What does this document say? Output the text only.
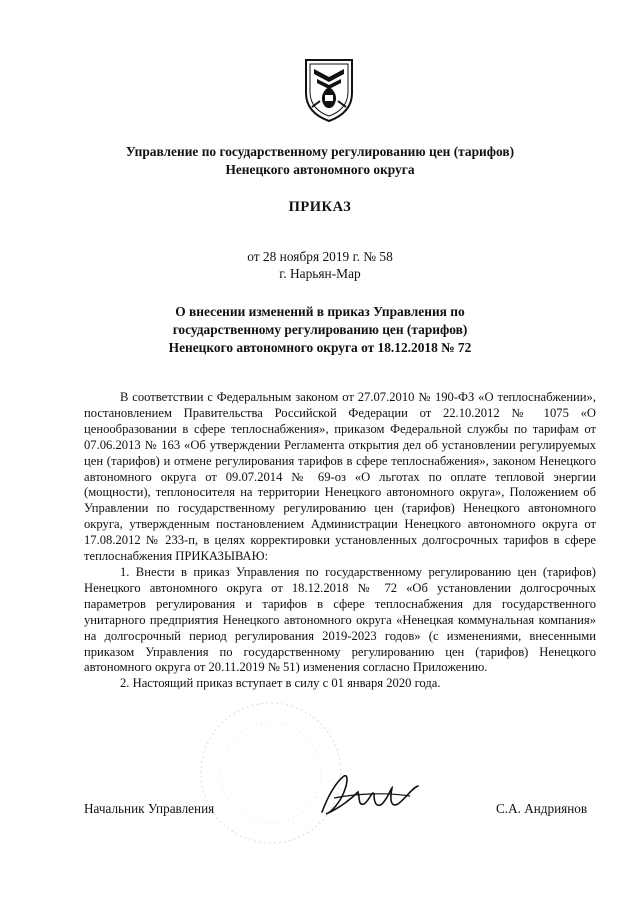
Управление по государственному регулированию цен (тарифов)
Ненецкого автономного округа
ПРИКАЗ
от 28 ноября 2019 г. № 58
г. Нарьян-Мар
О внесении изменений в приказ Управления по
государственному регулированию цен (тарифов)
Ненецкого автономного округа от 18.12.2018 № 72

В соответствии с Федеральным законом от 27.07.2010 № 190-ФЗ «О теплоснабжении», постановлением Правительства Российской Федерации от 22.10.2012 № 1075 «О ценообразовании в сфере теплоснабжения», приказом Федеральной службы по тарифам от 07.06.2013 № 163 «Об утверждении Регламента открытия дел об установлении регулируемых цен (тарифов) и отмене регулирования тарифов в сфере теплоснабжения», законом Ненецкого автономного округа от 09.07.2014 № 69-оз «О льготах по оплате тепловой энергии (мощности), теплоносителя на территории Ненецкого автономного округа», Положением об Управлении по государственному регулированию цен (тарифов) Ненецкого автономного округа, утвержденным постановлением Администрации Ненецкого автономного округа от 17.08.2012 № 233-п, в целях корректировки установленных долгосрочных тарифов в сфере теплоснабжения ПРИКАЗЫВАЮ:

1. Внести в приказ Управления по государственному регулированию цен (тарифов) Ненецкого автономного округа от 18.12.2018 № 72 «Об установлении долгосрочных параметров регулирования и тарифов в сфере теплоснабжения для государственного унитарного предприятия Ненецкого автономного округа «Ненецкая коммунальная компания» на долгосрочный период регулирования 2019-2023 годов» (с изменениями, внесенными приказом Управления по государственному регулированию цен (тарифов) Ненецкого автономного округа от 20.11.2019 № 51) изменения согласно Приложению.

2. Настоящий приказ вступает в силу с 01 января 2020 года.

Начальник Управления	С.А. Андриянов
